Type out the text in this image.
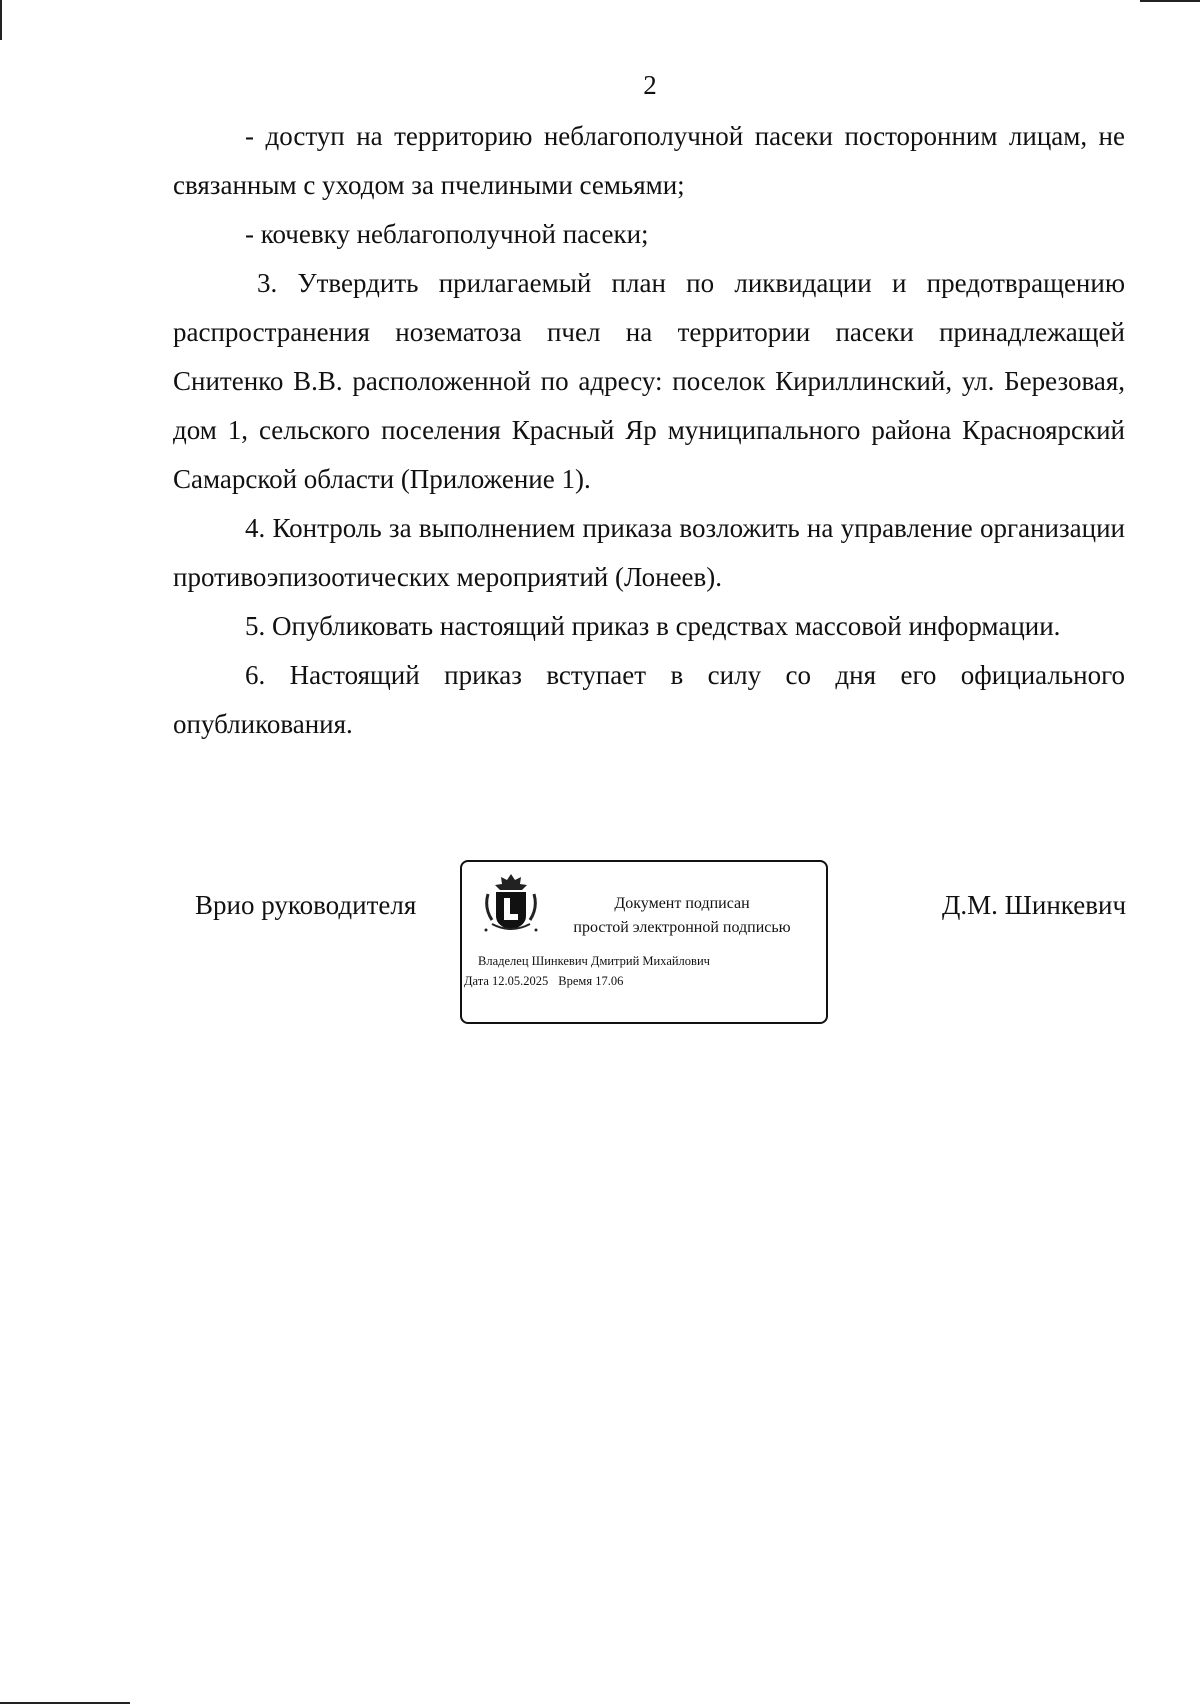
2

- доступ на территорию неблагополучной пасеки посторонним лицам, не связанным с уходом за пчелиными семьями;

- кочевку неблагополучной пасеки;

3. Утвердить прилагаемый план по ликвидации и предотвращению распространения нозематоза пчел на территории пасеки принадлежащей Снитенко В.В. расположенной по адресу: поселок Кириллинский, ул. Березовая, дом 1, сельского поселения Красный Яр муниципального района Красноярский Самарской области (Приложение 1).

4. Контроль за выполнением приказа возложить на управление организации противоэпизоотических мероприятий (Лонеев).

5. Опубликовать настоящий приказ в средствах массовой информации.

6. Настоящий приказ вступает в силу со дня его официального опубликования.

Врио руководителя	Документ подписан
простой электронной подписью
Владелец Шинкевич Дмитрий Михайлович
Дата 12.05.2025 Время 17.06
Д.М. Шинкевич
